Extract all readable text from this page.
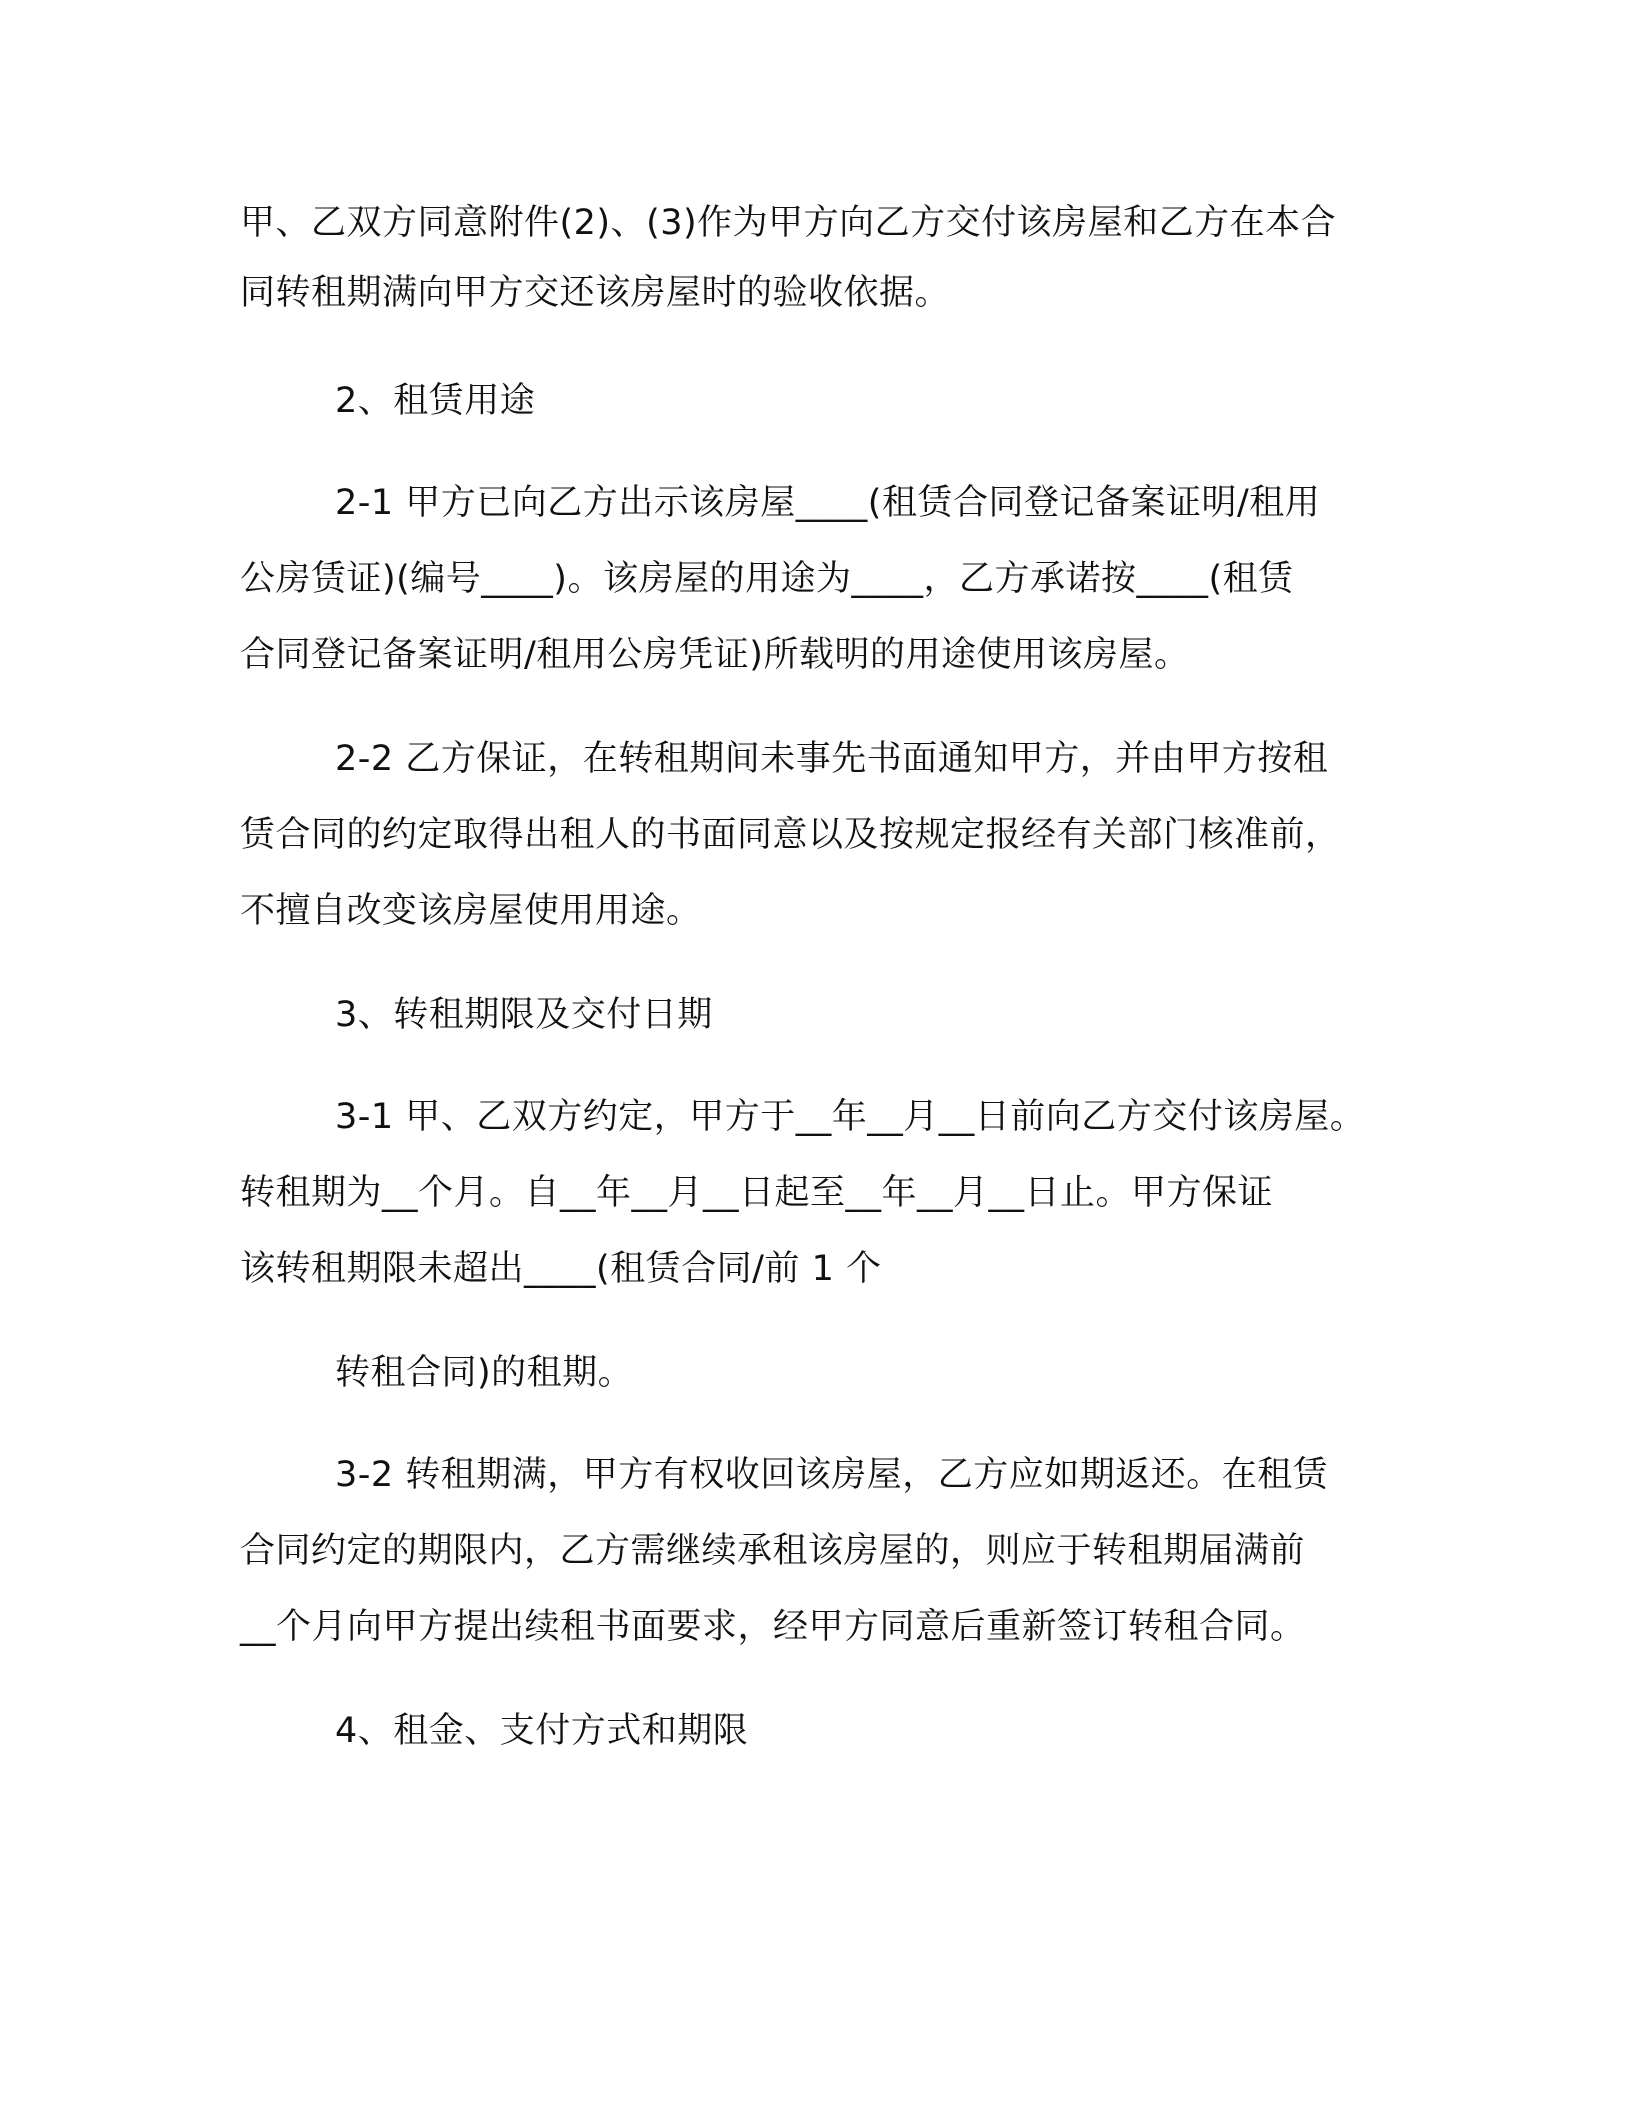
甲、乙双方同意附件(2)、(3)作为甲方向乙方交付该房屋和乙方在本合
同转租期满向甲方交还该房屋时的验收依据。
2、租赁用途
2-1 甲方已向乙方出示该房屋____(租赁合同登记备案证明/租用
公房赁证)(编号____)。该房屋的用途为____，乙方承诺按____(租赁
合同登记备案证明/租用公房凭证)所载明的用途使用该房屋。
2-2 乙方保证，在转租期间未事先书面通知甲方，并由甲方按租
赁合同的约定取得出租人的书面同意以及按规定报经有关部门核准前，
不擅自改变该房屋使用用途。
3、转租期限及交付日期
3-1 甲、乙双方约定，甲方于__年__月__日前向乙方交付该房屋。
转租期为__个月。自__年__月__日起至__年__月__日止。甲方保证
该转租期限未超出____(租赁合同/前 1 个
转租合同)的租期。
3-2 转租期满，甲方有权收回该房屋，乙方应如期返还。在租赁
合同约定的期限内，乙方需继续承租该房屋的，则应于转租期届满前
__个月向甲方提出续租书面要求，经甲方同意后重新签订转租合同。
4、租金、支付方式和期限
